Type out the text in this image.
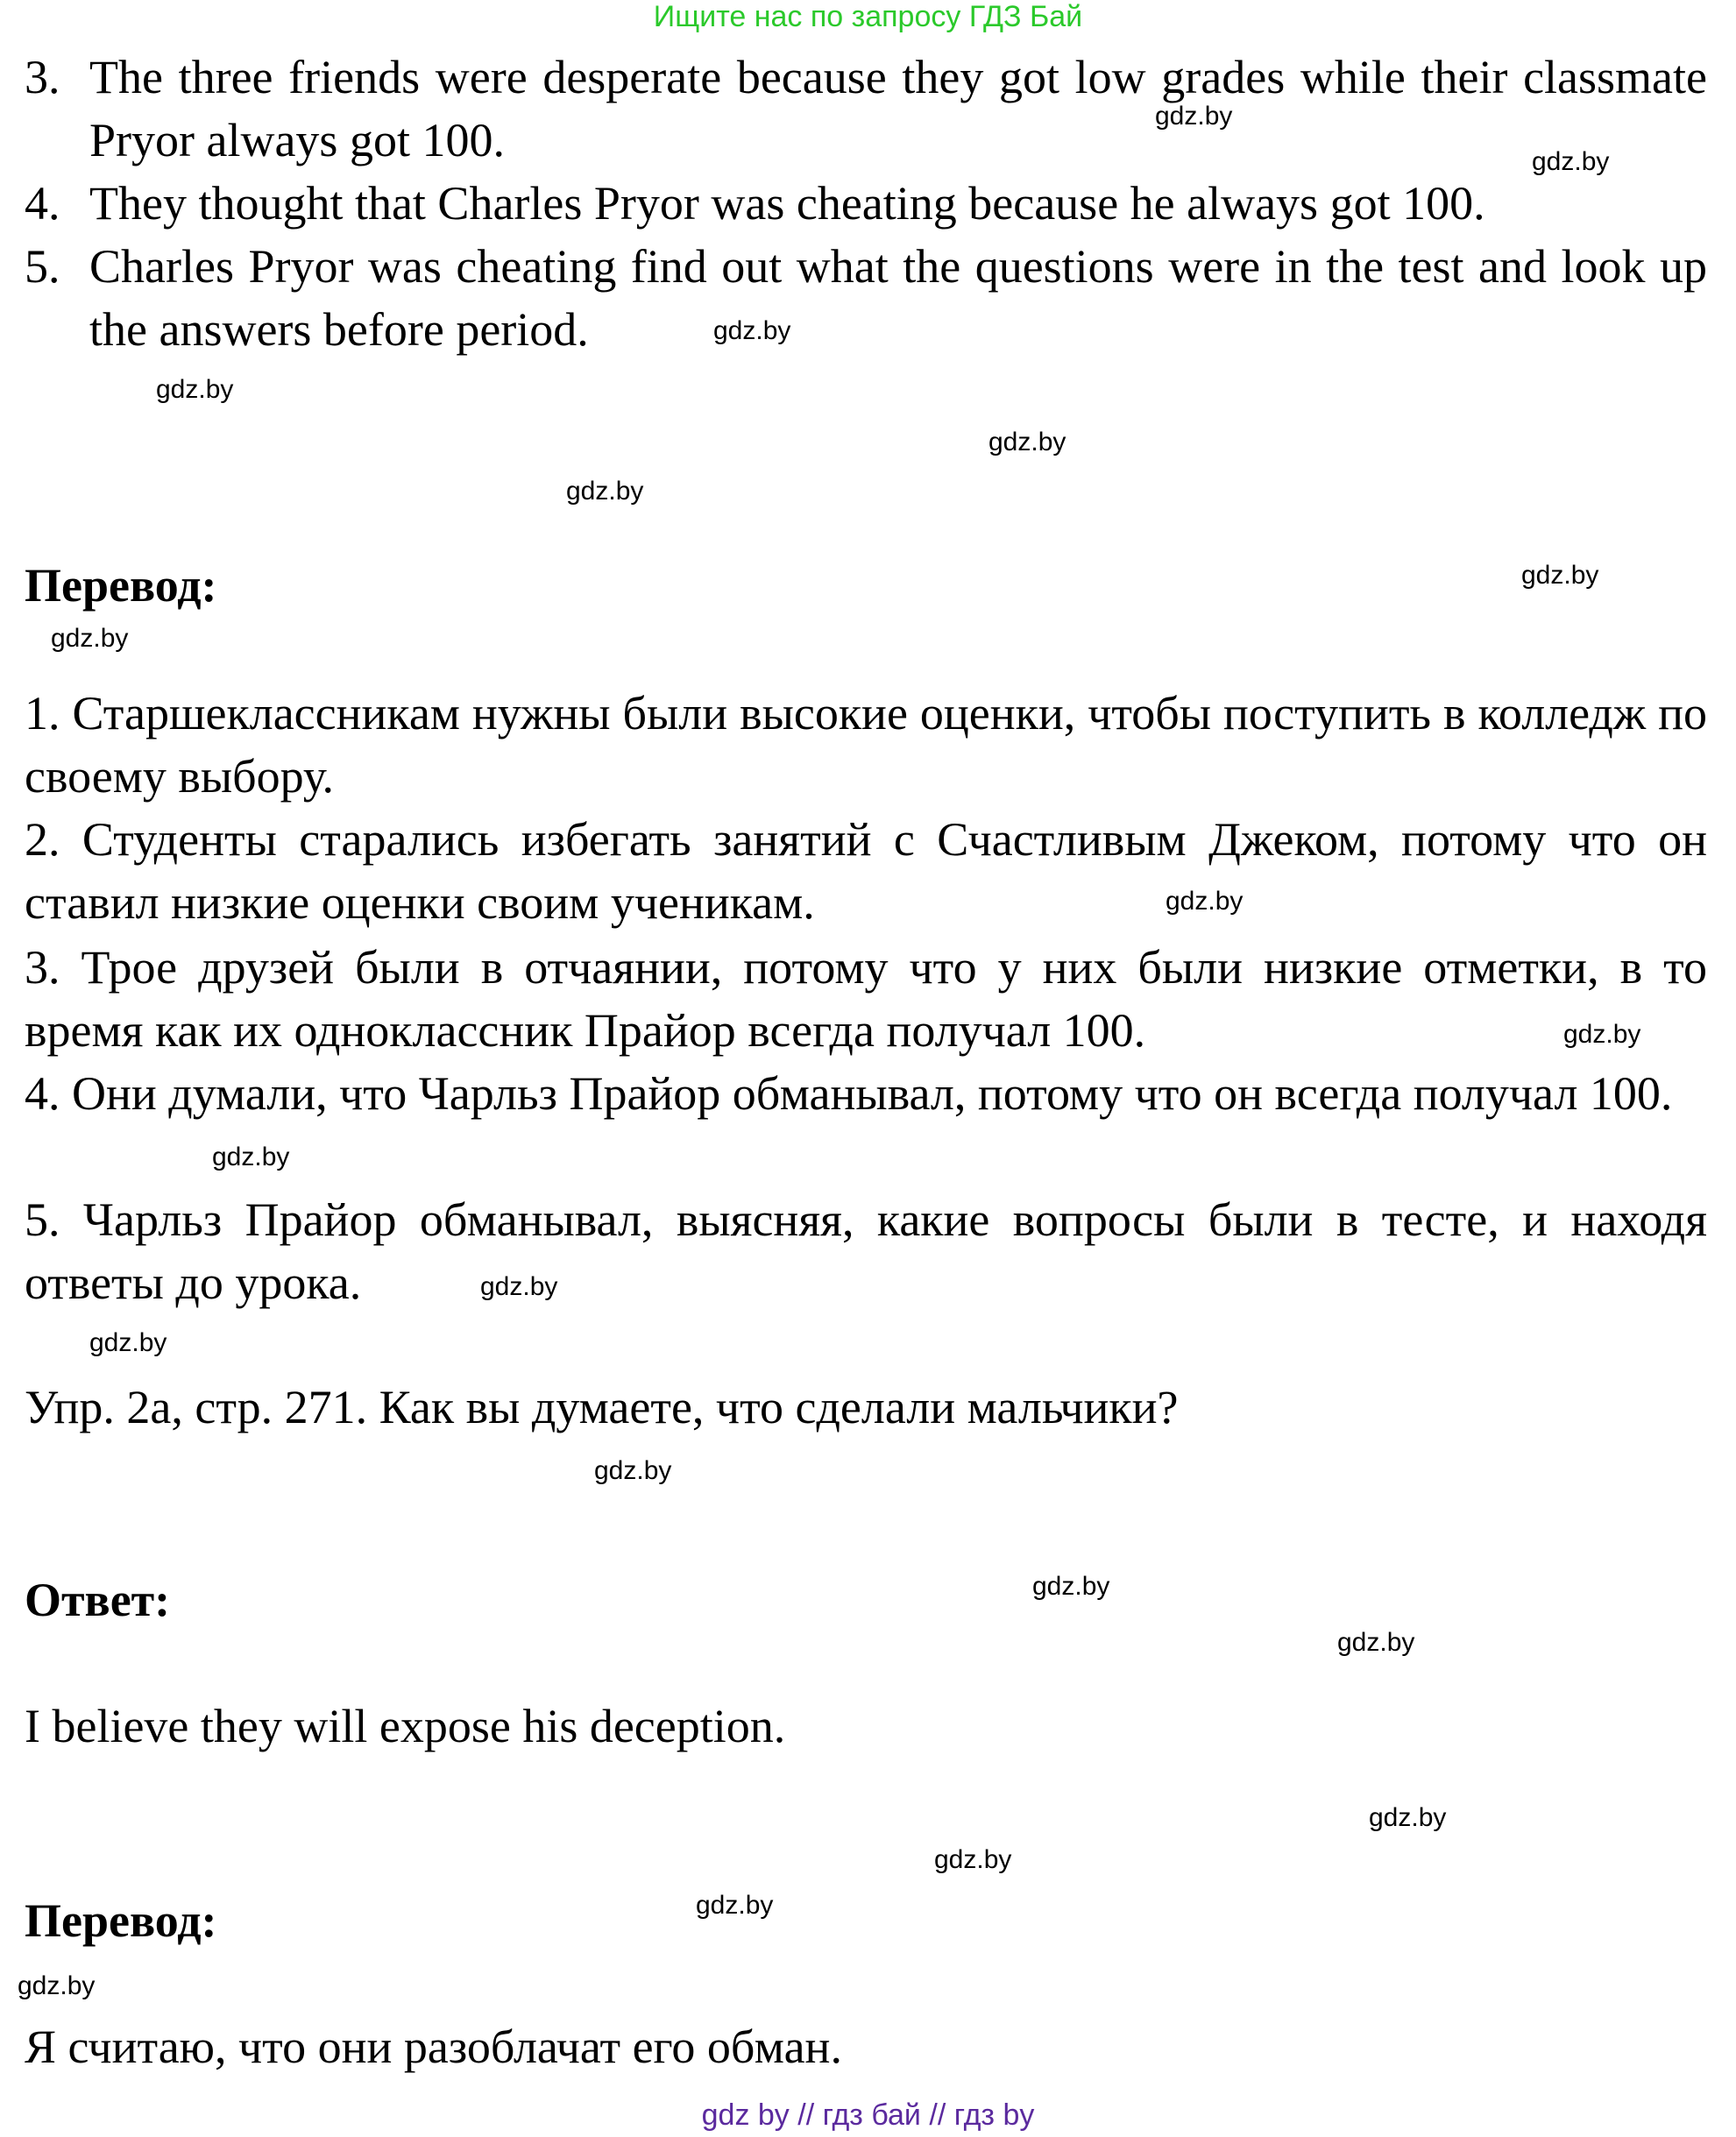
Ищите нас по запросу ГДЗ Бай
3. The three friends were desperate because they got low grades while their classmate Pryor always got 100.
4. They thought that Charles Pryor was cheating because he always got 100.
5. Charles Pryor was cheating find out what the questions were in the test and look up the answers before period.
Перевод:
1. Старшеклассникам нужны были высокие оценки, чтобы поступить в колледж по своему выбору.
2. Студенты старались избегать занятий с Счастливым Джеком, потому что он ставил низкие оценки своим ученикам.
3. Трое друзей были в отчаянии, потому что у них были низкие отметки, в то время как их одноклассник Прайор всегда получал 100.
4. Они думали, что Чарльз Прайор обманывал, потому что он всегда получал 100.
5. Чарльз Прайор обманывал, выясняя, какие вопросы были в тесте, и находя ответы до урока.
Упр. 2а, стр. 271. Как вы думаете, что сделали мальчики?
Ответ:
I believe they will expose his deception.
Перевод:
Я считаю, что они разоблачат его обман.
gdz.by
gdz.by
gdz.by
gdz.by
gdz.by
gdz.by
gdz.by
gdz.by
gdz.by
gdz.by
gdz.by
gdz.by
gdz.by
gdz.by
gdz.by
gdz.by
gdz.by
gdz.by
gdz.by
gdz.by
gdz by // гдз бай // гдз by
